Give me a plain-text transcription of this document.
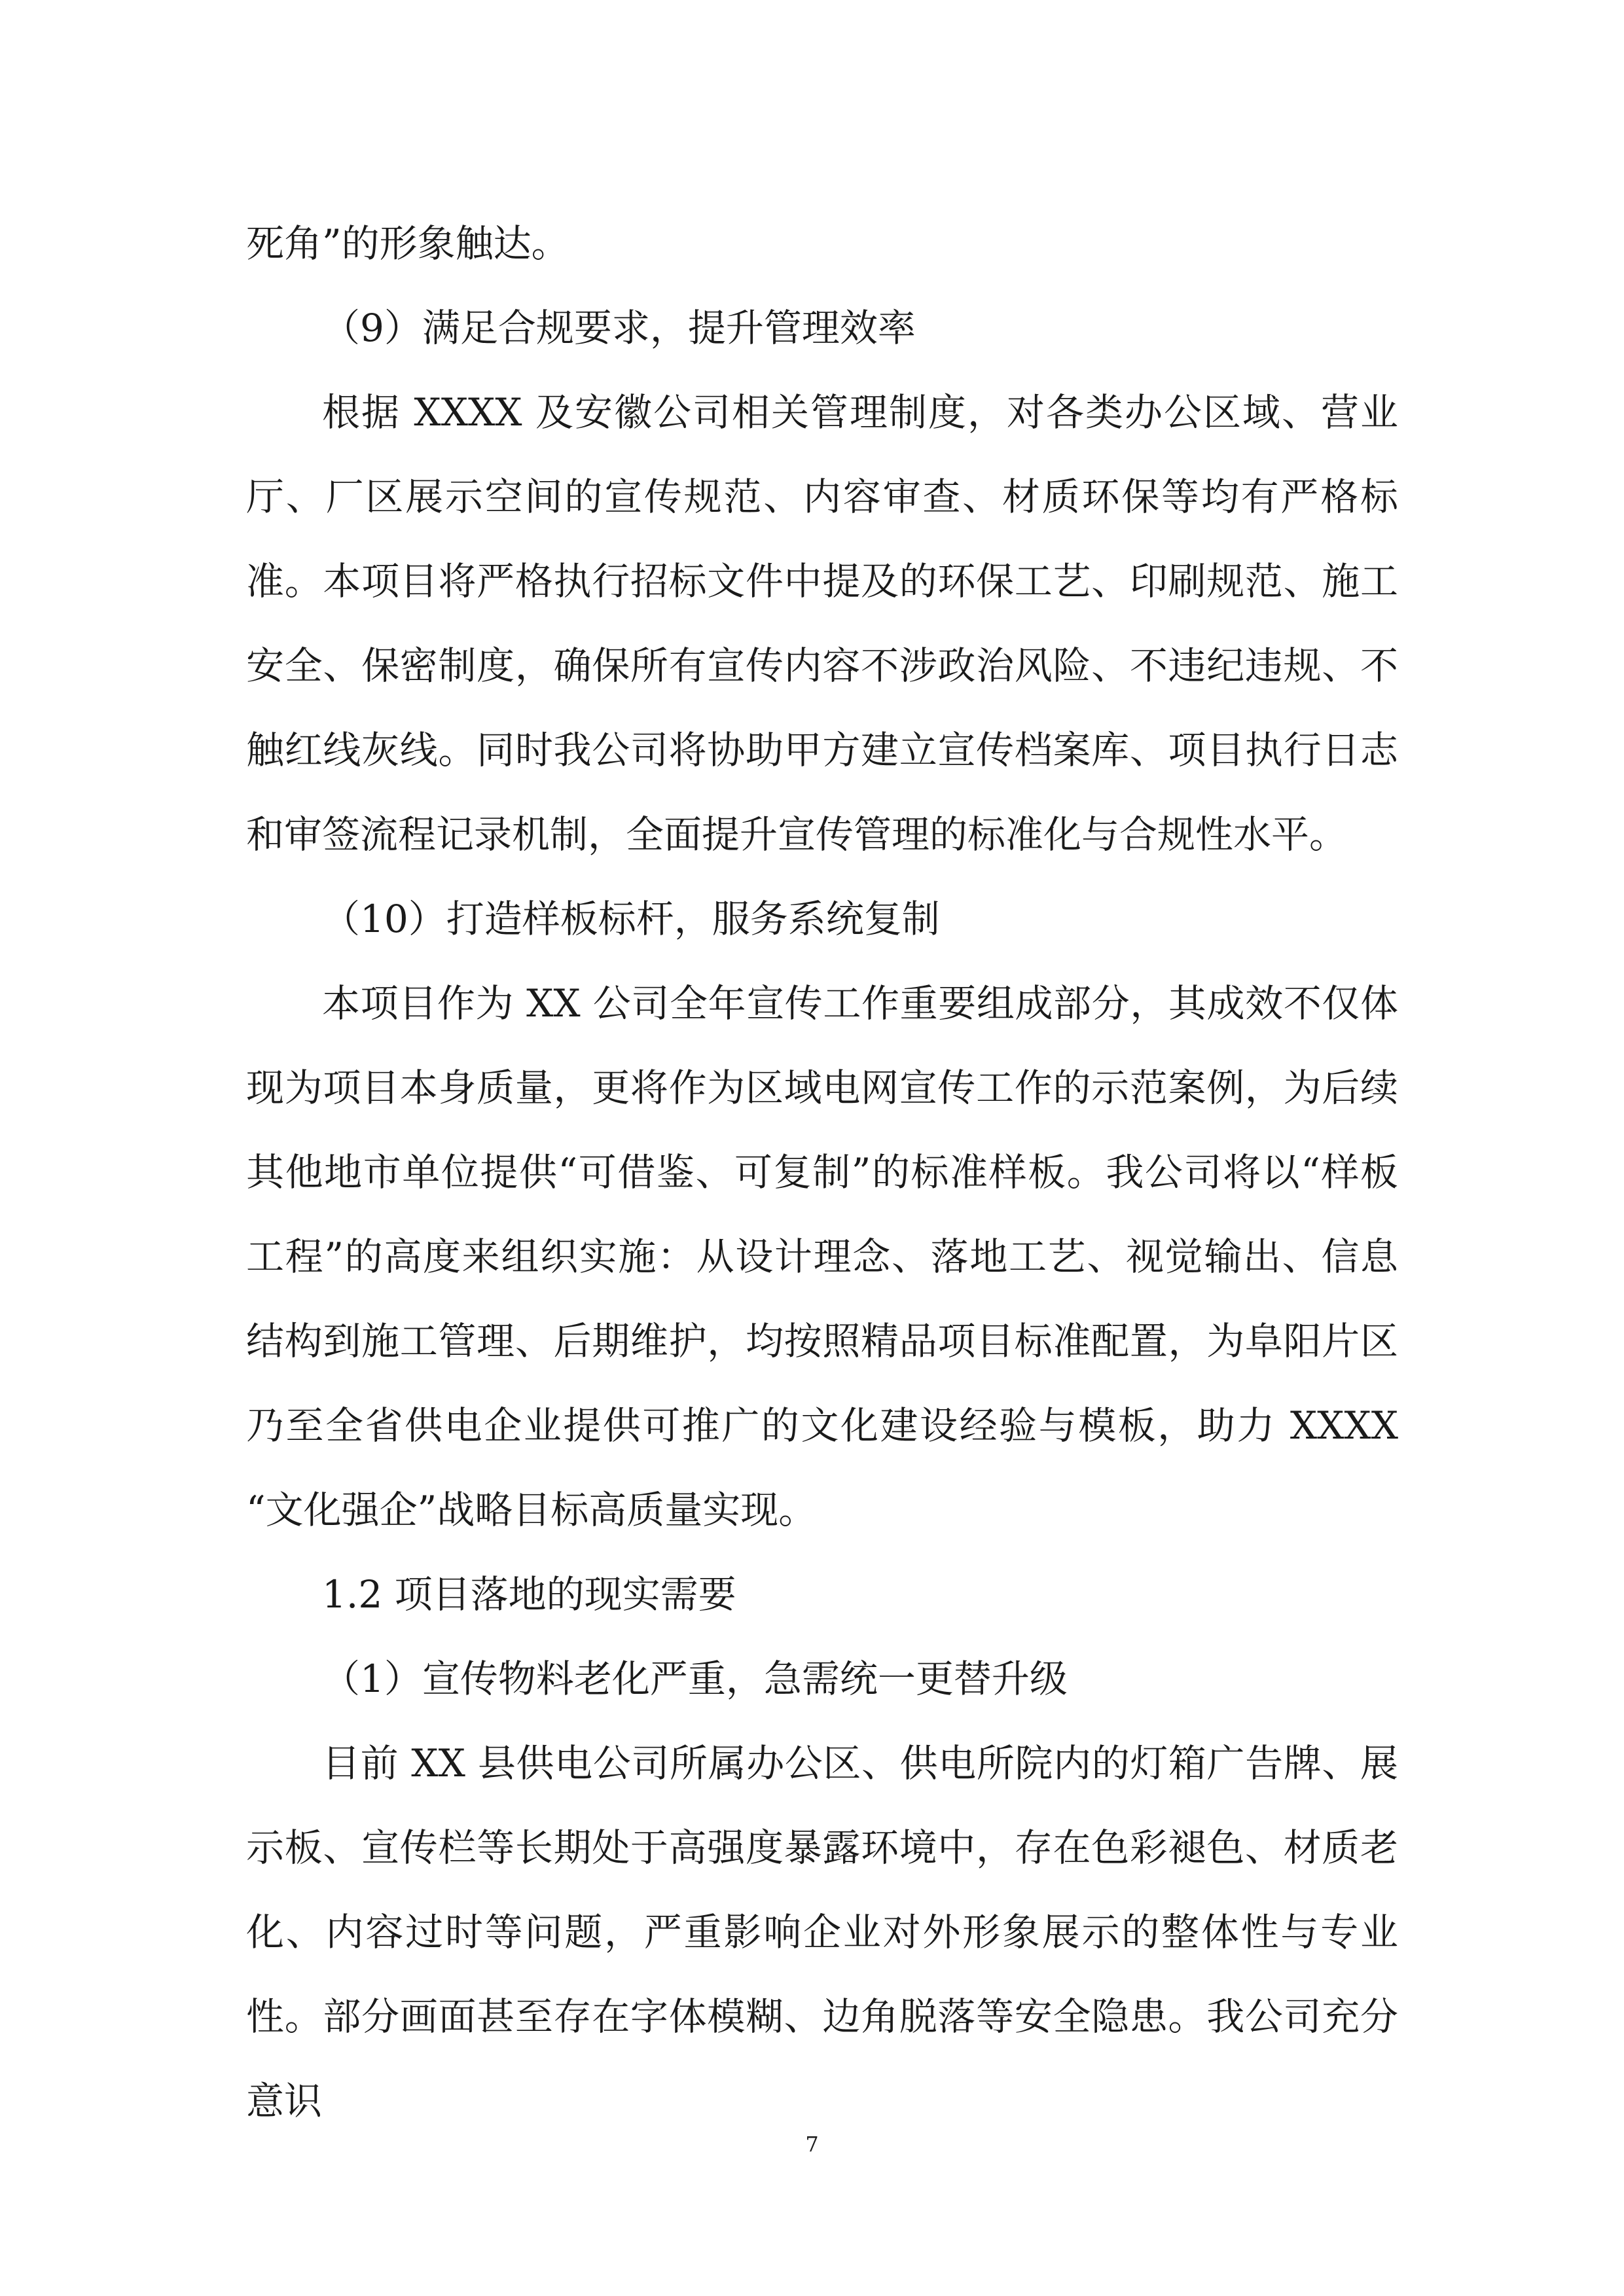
死角”的形象触达。

（9）满足合规要求，提升管理效率

根据 XXXX 及安徽公司相关管理制度，对各类办公区域、营业厅、厂区展示空间的宣传规范、内容审查、材质环保等均有严格标准。本项目将严格执行招标文件中提及的环保工艺、印刷规范、施工安全、保密制度，确保所有宣传内容不涉政治风险、不违纪违规、不触红线灰线。同时我公司将协助甲方建立宣传档案库、项目执行日志和审签流程记录机制，全面提升宣传管理的标准化与合规性水平。

（10）打造样板标杆，服务系统复制

本项目作为 XX 公司全年宣传工作重要组成部分，其成效不仅体现为项目本身质量，更将作为区域电网宣传工作的示范案例，为后续其他地市单位提供“可借鉴、可复制”的标准样板。我公司将以“样板工程”的高度来组织实施：从设计理念、落地工艺、视觉输出、信息结构到施工管理、后期维护，均按照精品项目标准配置，为阜阳片区乃至全省供电企业提供可推广的文化建设经验与模板，助力 XXXX “文化强企”战略目标高质量实现。

1.2 项目落地的现实需要

（1）宣传物料老化严重，急需统一更替升级

目前 XX 县供电公司所属办公区、供电所院内的灯箱广告牌、展示板、宣传栏等长期处于高强度暴露环境中，存在色彩褪色、材质老化、内容过时等问题，严重影响企业对外形象展示的整体性与专业性。部分画面甚至存在字体模糊、边角脱落等安全隐患。我公司充分意识

7
